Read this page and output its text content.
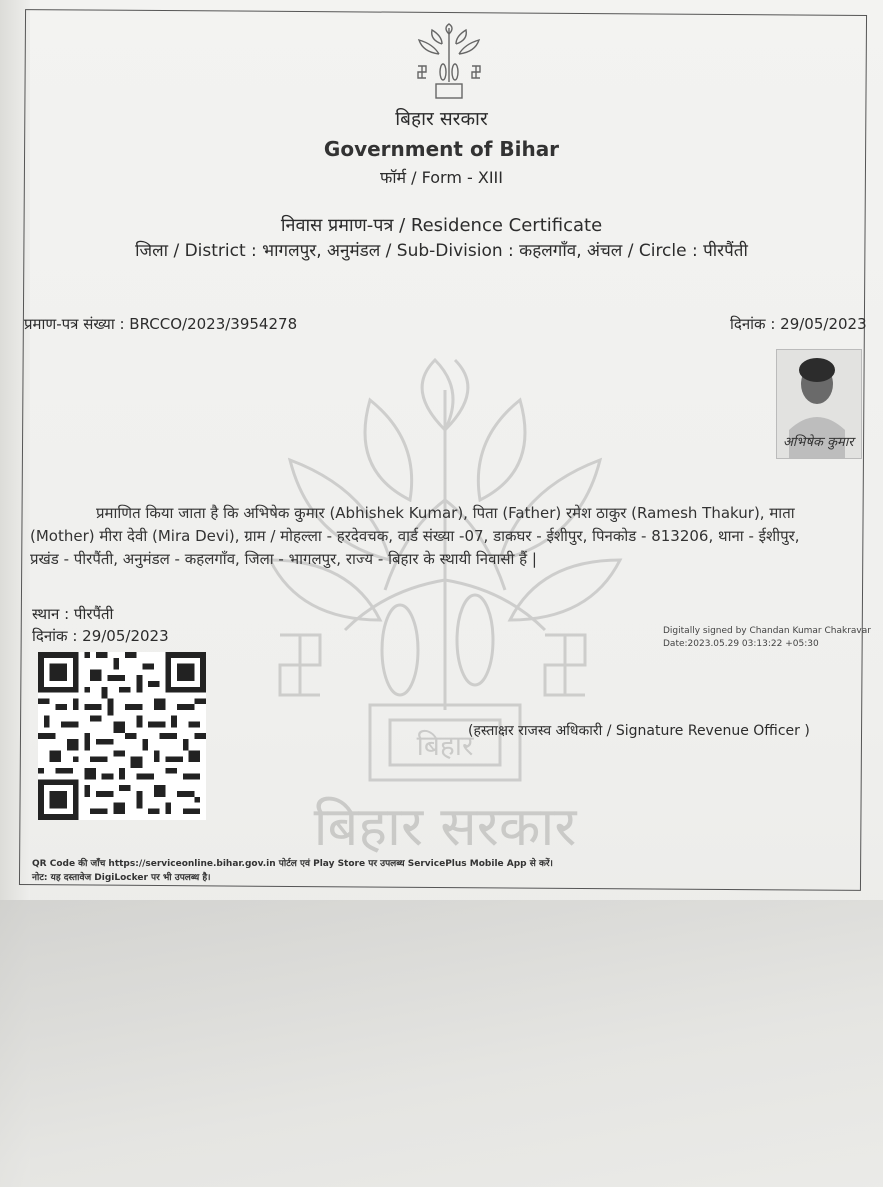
बिहार सरकार
बिहार
बिहार सरकार
Government of Bihar
फॉर्म / Form - XIII
निवास प्रमाण-पत्र / Residence Certificate
जिला / District : भागलपुर, अनुमंडल / Sub-Division : कहलगाँव, अंचल / Circle : पीरपैंती
प्रमाण-पत्र संख्या : BRCCO/2023/3954278	दिनांक : 29/05/2023
अभिषेक कुमार
प्रमाणित किया जाता है कि अभिषेक कुमार (Abhishek Kumar), पिता (Father) रमेश ठाकुर (Ramesh Thakur), माता
(Mother) मीरा देवी (Mira Devi), ग्राम / मोहल्ला - हरदेवचक, वार्ड संख्या -07, डाकघर - ईशीपुर, पिनकोड - 813206, थाना - ईशीपुर,
प्रखंड - पीरपैंती, अनुमंडल - कहलगाँव, जिला - भागलपुर, राज्य - बिहार के स्थायी निवासी हैं |
स्थान : पीरपैंती
दिनांक : 29/05/2023	Digitally signed by Chandan Kumar Chakravar
Date:2023.05.29 03:13:22 +05:30
(हस्ताक्षर राजस्व अधिकारी / Signature Revenue Officer )
QR Code की जाँच https://serviceonline.bihar.gov.in पोर्टल एवं Play Store पर उपलब्ध ServicePlus Mobile App से करें।
नोट: यह दस्तावेज DigiLocker पर भी उपलब्ध है।
